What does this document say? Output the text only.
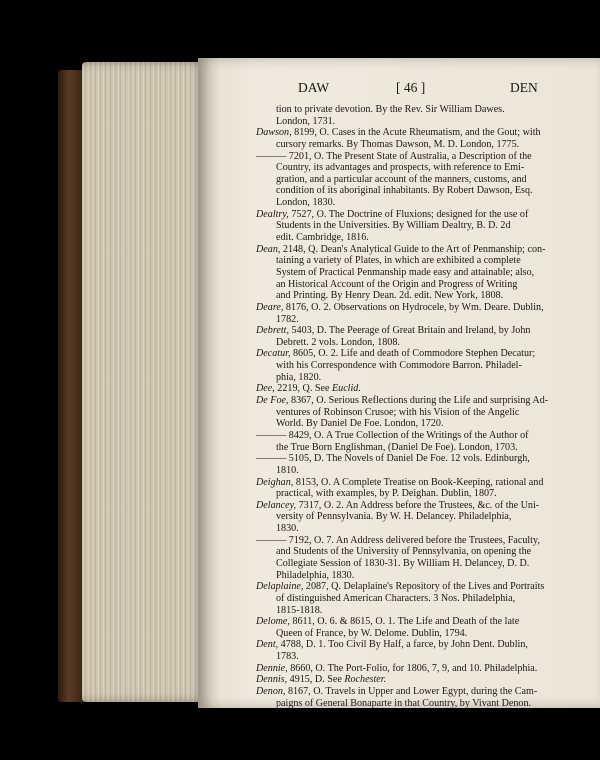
DAW	[ 46 ]	DEN
tion to private devotion. By the Rev. Sir William Dawes.
London, 1731.
Dawson, 8199, O. Cases in the Acute Rheumatism, and the Gout; with
cursory remarks. By Thomas Dawson, M. D. London, 1775.
——— 7201, O. The Present State of Australia, a Description of the
Country, its advantages and prospects, with reference to Emi-
gration, and a particular account of the manners, customs, and
condition of its aboriginal inhabitants. By Robert Dawson, Esq.
London, 1830.
Dealtry, 7527, O. The Doctrine of Fluxions; designed for the use of
Students in the Universities. By William Dealtry, B. D. 2d
edit. Cambridge, 1816.
Dean, 2148, Q. Dean's Analytical Guide to the Art of Penmanship; con-
taining a variety of Plates, in which are exhibited a complete
System of Practical Penmanship made easy and attainable; also,
an Historical Account of the Origin and Progress of Writing
and Printing. By Henry Dean. 2d. edit. New York, 1808.
Deare, 8176, O. 2. Observations on Hydrocele, by Wm. Deare. Dublin,
1782.
Debrett, 5403, D. The Peerage of Great Britain and Ireland, by John
Debrett. 2 vols. London, 1808.
Decatur, 8605, O. 2. Life and death of Commodore Stephen Decatur;
with his Correspondence with Commodore Barron. Philadel-
phia, 1820.
Dee, 2219, Q. See Euclid.
De Foe, 8367, O. Serious Reflections during the Life and surprising Ad-
ventures of Robinson Crusoe; with his Vision of the Angelic
World. By Daniel De Foe. London, 1720.
——— 8429, O. A True Collection of the Writings of the Author of
the True Born Englishman, (Daniel De Foe). London, 1703.
——— 5105, D. The Novels of Daniel De Foe. 12 vols. Edinburgh,
1810.
Deighan, 8153, O. A Complete Treatise on Book-Keeping, rational and
practical, with examples, by P. Deighan. Dublin, 1807.
Delancey, 7317, O. 2. An Address before the Trustees, &c. of the Uni-
versity of Pennsylvania. By W. H. Delancey. Philadelphia,
1830.
——— 7192, O. 7. An Address delivered before the Trustees, Faculty,
and Students of the University of Pennsylvania, on opening the
Collegiate Session of 1830-31. By William H. Delancey, D. D.
Philadelphia, 1830.
Delaplaine, 2087, Q. Delaplaine's Repository of the Lives and Portraits
of distinguished American Characters. 3 Nos. Philadelphia,
1815-1818.
Delome, 8611, O. 6. & 8615, O. 1. The Life and Death of the late
Queen of France, by W. Delome. Dublin, 1794.
Dent, 4788, D. 1. Too Civil By Half, a farce, by John Dent. Dublin,
1783.
Dennie, 8660, O. The Port-Folio, for 1806, 7, 9, and 10. Philadelphia.
Dennis, 4915, D. See Rochester.
Denon, 8167, O. Travels in Upper and Lower Egypt, during the Cam-
paigns of General Bonaparte in that Country, by Vivant Denon.
